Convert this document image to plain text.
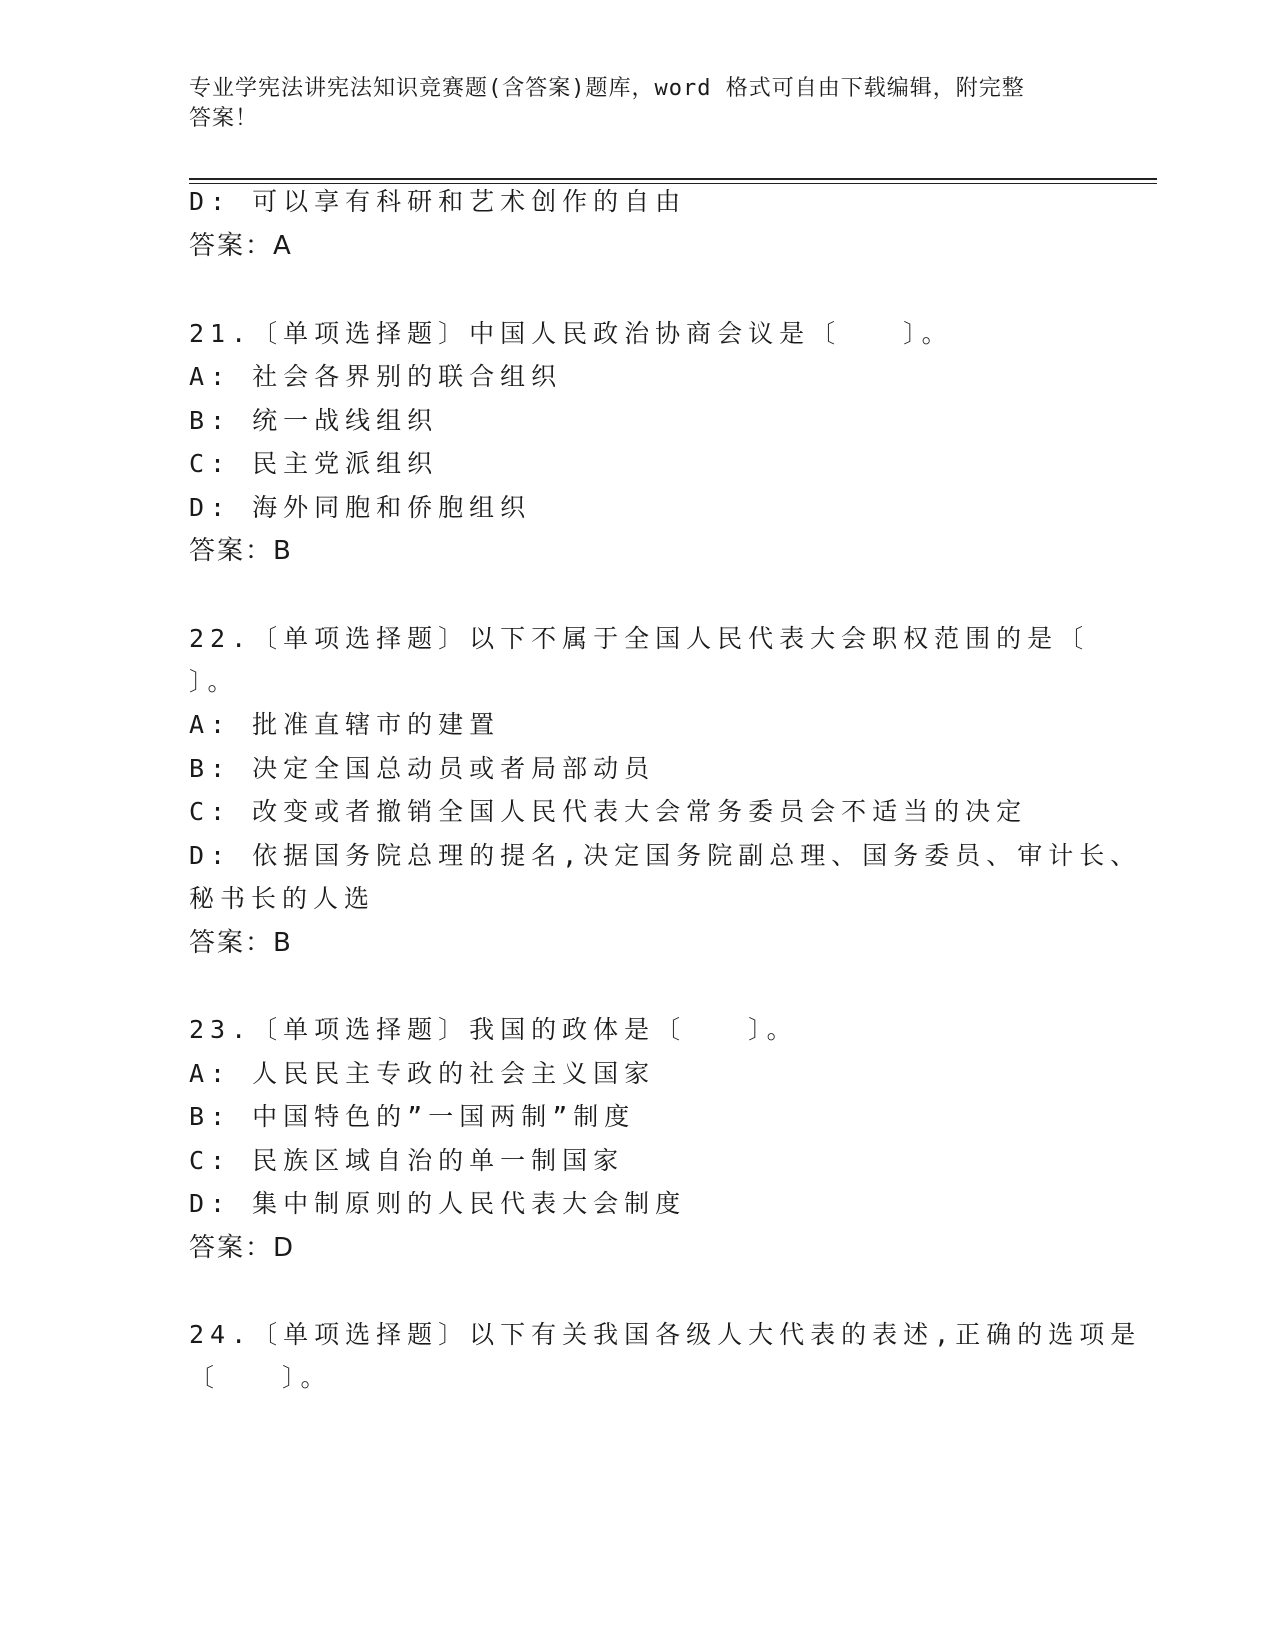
专业学宪法讲宪法知识竞赛题(含答案)题库，word 格式可自由下载编辑，附完整
答案！
D: 可以享有科研和艺术创作的自由
答案：A
21.〔单项选择题〕中国人民政治协商会议是〔　　〕。
A: 社会各界别的联合组织
B: 统一战线组织
C: 民主党派组织
D: 海外同胞和侨胞组织
答案：B
22.〔单项选择题〕以下不属于全国人民代表大会职权范围的是〔
〕。
A: 批准直辖市的建置
B: 决定全国总动员或者局部动员
C: 改变或者撤销全国人民代表大会常务委员会不适当的决定
D: 依据国务院总理的提名,决定国务院副总理、国务委员、审计长、
秘书长的人选
答案：B
23.〔单项选择题〕我国的政体是〔　　〕。
A: 人民民主专政的社会主义国家
B: 中国特色的”一国两制”制度
C: 民族区域自治的单一制国家
D: 集中制原则的人民代表大会制度
答案：D
24.〔单项选择题〕以下有关我国各级人大代表的表述,正确的选项是
〔　　〕。
